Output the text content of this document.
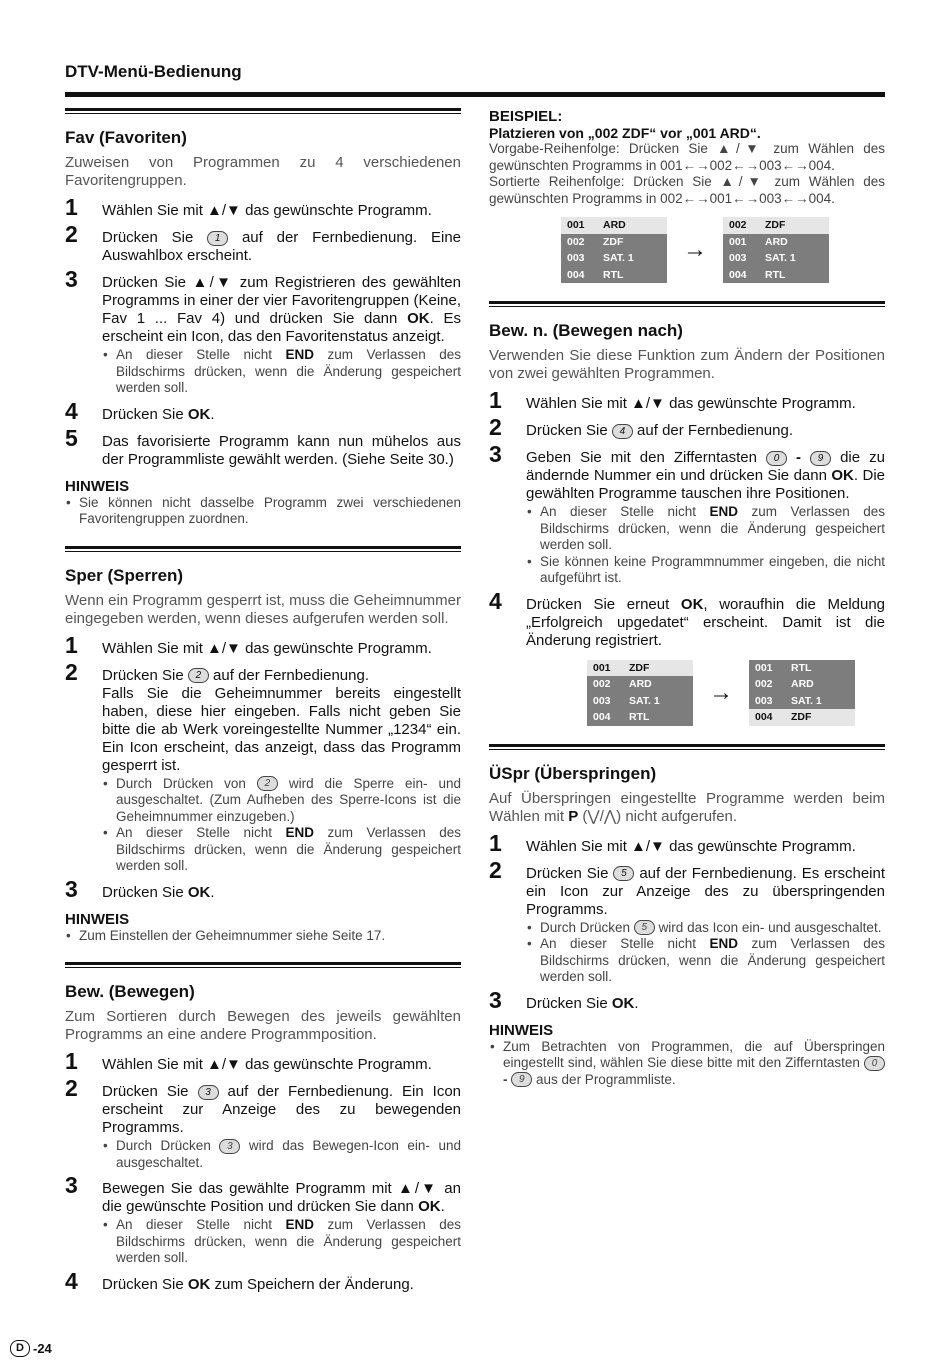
DTV-Menü-Bedienung
Fav (Favoriten)

Zuweisen von Programmen zu 4 verschiedenen Favoritengruppen.

1 Wählen Sie mit ▲/▼ das gewünschte Programm.
2 Drücken Sie 1 auf der Fernbedienung. Eine Auswahlbox erscheint.
3 Drücken Sie ▲/▼ zum Registrieren des gewählten Programms in einer der vier Favoritengruppen (Keine, Fav 1 ... Fav 4) und drücken Sie dann OK. Es erscheint ein Icon, das den Favoritenstatus anzeigt.
• An dieser Stelle nicht END zum Verlassen des Bildschirms drücken, wenn die Änderung gespeichert werden soll.
4 Drücken Sie OK.
5 Das favorisierte Programm kann nun mühelos aus der Programmliste gewählt werden. (Siehe Seite 30.)
HINWEIS
• Sie können nicht dasselbe Programm zwei verschiedenen Favoritengruppen zuordnen.
Sper (Sperren)

Wenn ein Programm gesperrt ist, muss die Geheimnummer eingegeben werden, wenn dieses aufgerufen werden soll.

1 Wählen Sie mit ▲/▼ das gewünschte Programm.
2 Drücken Sie 2 auf der Fernbedienung.
Falls Sie die Geheimnummer bereits eingestellt haben, diese hier eingeben. Falls nicht geben Sie bitte die ab Werk voreingestellte Nummer „1234“ ein. Ein Icon erscheint, das anzeigt, dass das Programm gesperrt ist.
• Durch Drücken von 2 wird die Sperre ein- und ausgeschaltet. (Zum Aufheben des Sperre-Icons ist die Geheimnummer einzugeben.)
• An dieser Stelle nicht END zum Verlassen des Bildschirms drücken, wenn die Änderung gespeichert werden soll.
3 Drücken Sie OK.
HINWEIS
• Zum Einstellen der Geheimnummer siehe Seite 17.
Bew. (Bewegen)

Zum Sortieren durch Bewegen des jeweils gewählten Programms an eine andere Programmposition.

1 Wählen Sie mit ▲/▼ das gewünschte Programm.
2 Drücken Sie 3 auf der Fernbedienung. Ein Icon erscheint zur Anzeige des zu bewegenden Programms.
• Durch Drücken 3 wird das Bewegen-Icon ein- und ausgeschaltet.
3 Bewegen Sie das gewählte Programm mit ▲/▼ an die gewünschte Position und drücken Sie dann OK.
• An dieser Stelle nicht END zum Verlassen des Bildschirms drücken, wenn die Änderung gespeichert werden soll.
4 Drücken Sie OK zum Speichern der Änderung.

BEISPIEL:

Platzieren von „002 ZDF“ vor „001 ARD“.

Vorgabe-Reihenfolge: Drücken Sie ▲/▼ zum Wählen des gewünschten Programms in 001←→002←→003←→004.

Sortierte Reihenfolge: Drücken Sie ▲/▼ zum Wählen des gewünschten Programms in 002←→001←→003←→004.

001	ARD
002	ZDF
003	SAT. 1
004	RTL
→
002	ZDF
001	ARD
003	SAT. 1
004	RTL
Bew. n. (Bewegen nach)

Verwenden Sie diese Funktion zum Ändern der Positionen von zwei gewählten Programmen.

1 Wählen Sie mit ▲/▼ das gewünschte Programm.
2 Drücken Sie 4 auf der Fernbedienung.
3 Geben Sie mit den Zifferntasten 0 - 9 die zu ändernde Nummer ein und drücken Sie dann OK. Die gewählten Programme tauschen ihre Positionen.
• An dieser Stelle nicht END zum Verlassen des Bildschirms drücken, wenn die Änderung gespeichert werden soll.
• Sie können keine Programmnummer eingeben, die nicht aufgeführt ist.
4 Drücken Sie erneut OK, woraufhin die Meldung „Erfolgreich upgedatet“ erscheint. Damit ist die Änderung registriert.
001	ZDF
002	ARD
003	SAT. 1
004	RTL
→
001	RTL
002	ARD
003	SAT. 1
004	ZDF
ÜSpr (Überspringen)

Auf Überspringen eingestellte Programme werden beim Wählen mit P (⋁/⋀) nicht aufgerufen.

1 Wählen Sie mit ▲/▼ das gewünschte Programm.
2 Drücken Sie 5 auf der Fernbedienung. Es erscheint ein Icon zur Anzeige des zu überspringenden Programms.
• Durch Drücken 5 wird das Icon ein- und ausgeschaltet.
• An dieser Stelle nicht END zum Verlassen des Bildschirms drücken, wenn die Änderung gespeichert werden soll.
3 Drücken Sie OK.
HINWEIS
• Zum Betrachten von Programmen, die auf Überspringen eingestellt sind, wählen Sie diese bitte mit den Zifferntasten 0 - 9 aus der Programmliste.
D -24
